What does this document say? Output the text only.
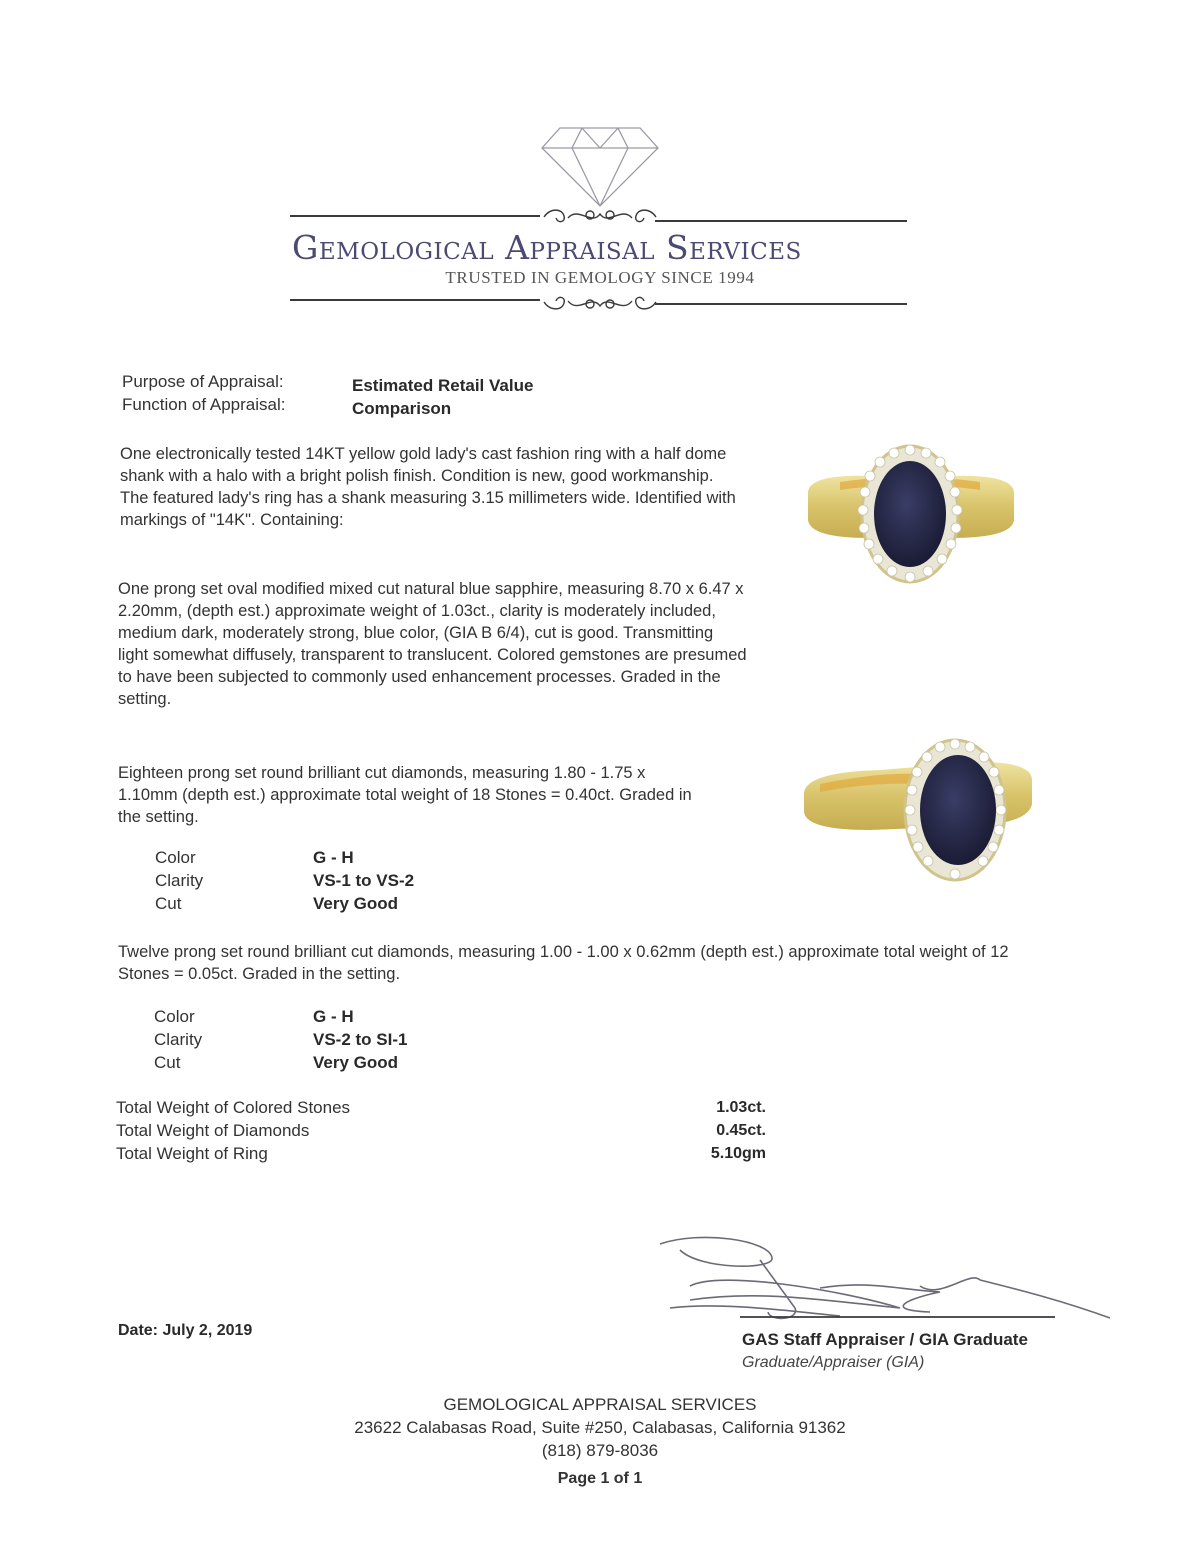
Gemological Appraisal Services
TRUSTED IN GEMOLOGY SINCE 1994
Purpose of Appraisal:	Estimated Retail Value
Function of Appraisal:	Comparison
One electronically tested 14KT yellow gold lady's cast fashion ring with a half dome shank with a halo with a bright polish finish. Condition is new, good workmanship. The featured lady's ring has a shank measuring 3.15 millimeters wide. Identified with markings of "14K". Containing:
One prong set oval modified mixed cut natural blue sapphire, measuring 8.70 x 6.47 x 2.20mm, (depth est.) approximate weight of 1.03ct., clarity is moderately included, medium dark, moderately strong, blue color, (GIA B 6/4), cut is good. Transmitting light somewhat diffusely, transparent to translucent. Colored gemstones are presumed to have been subjected to commonly used enhancement processes. Graded in the setting.
Eighteen prong set round brilliant cut diamonds, measuring 1.80 - 1.75 x 1.10mm (depth est.) approximate total weight of 18 Stones = 0.40ct. Graded in the setting.
Color	G - H
Clarity	VS-1 to VS-2
Cut	Very Good
Twelve prong set round brilliant cut diamonds, measuring 1.00 - 1.00 x 0.62mm (depth est.) approximate total weight of 12 Stones = 0.05ct. Graded in the setting.
Color	G - H
Clarity	VS-2 to SI-1
Cut	Very Good
Total Weight of Colored Stones	1.03ct.
Total Weight of Diamonds	0.45ct.
Total Weight of Ring	5.10gm
Date: July 2, 2019	GAS Staff Appraiser / GIA Graduate
Graduate/Appraiser (GIA)
GEMOLOGICAL APPRAISAL SERVICES
23622 Calabasas Road, Suite #250, Calabasas, California 91362
(818) 879-8036
Page 1 of 1
